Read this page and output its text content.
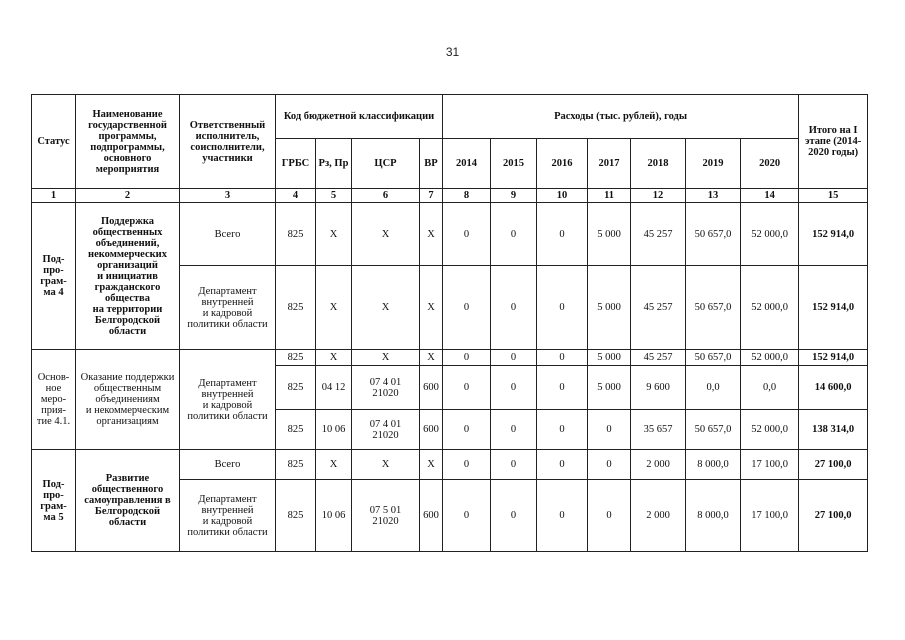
31
Статус	Наименование государственной программы, подпрограммы, основного мероприятия	Ответственный исполнитель, соисполнители, участники	Код бюджетной классификации				Расходы (тыс. рублей), годы							Итого на I этапе (2014-2020 годы)
			ГРБС	Рз, Пр	ЦСР	ВР	2014	2015	2016	2017	2018	2019	2020	
1	2	3	4	5	6	7	8	9	10	11	12	13	14	15
Под-
про-
грам-
ма 4	Поддержка общественных объединений, некоммерческих организаций
и инициатив гражданского общества
на территории Белгородской области	Всего	825	X	X	X	0	0	0	5 000	45 257	50 657,0	52 000,0	152 914,0
		Департамент внутренней
и кадровой политики области	825	X	X	X	0	0	0	5 000	45 257	50 657,0	52 000,0	152 914,0
Основ-
ное
меро-
прия-
тие 4.1.	Оказание поддержки общественным объединениям
и некоммерческим организациям	Департамент внутренней
и кадровой политики области	825	X	X	X	0	0	0	5 000	45 257	50 657,0	52 000,0	152 914,0
			825	04 12	07 4 01
21020	600	0	0	0	5 000	9 600	0,0	0,0	14 600,0
			825	10 06	07 4 01
21020	600	0	0	0	0	35 657	50 657,0	52 000,0	138 314,0
Под-
про-
грам-
ма 5	Развитие общественного самоуправления в Белгородской области	Всего	825	X	X	X	0	0	0	0	2 000	8 000,0	17 100,0	27 100,0
		Департамент внутренней
и кадровой политики области	825	10 06	07 5 01
21020	600	0	0	0	0	2 000	8 000,0	17 100,0	27 100,0
